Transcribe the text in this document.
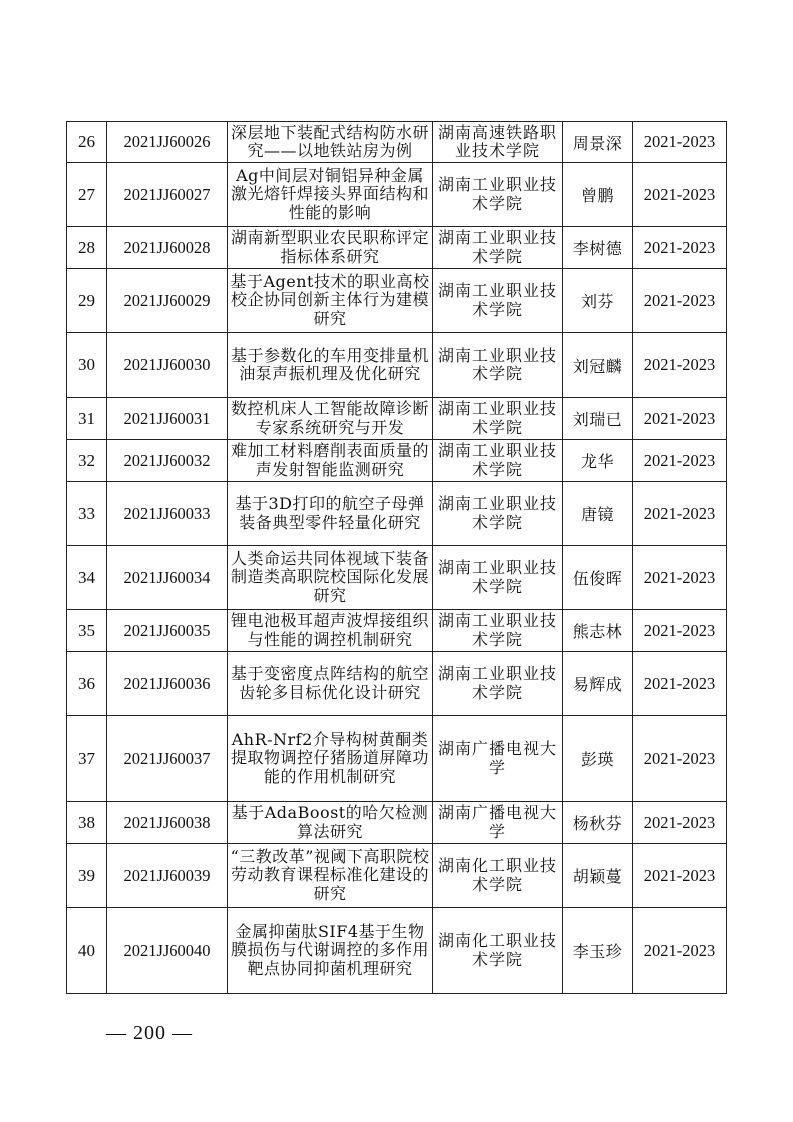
26	2021JJ60026	深层地下装配式结构防水研究——以地铁站房为例	湖南高速铁路职业技术学院	周景深	2021-2023
27	2021JJ60027	Ag中间层对铜铝异种金属激光熔钎焊接头界面结构和性能的影响	湖南工业职业技术学院	曾鹏	2021-2023
28	2021JJ60028	湖南新型职业农民职称评定指标体系研究	湖南工业职业技术学院	李树德	2021-2023
29	2021JJ60029	基于Agent技术的职业高校校企协同创新主体行为建模研究	湖南工业职业技术学院	刘芬	2021-2023
30	2021JJ60030	基于参数化的车用变排量机油泵声振机理及优化研究	湖南工业职业技术学院	刘冠麟	2021-2023
31	2021JJ60031	数控机床人工智能故障诊断专家系统研究与开发	湖南工业职业技术学院	刘瑞已	2021-2023
32	2021JJ60032	难加工材料磨削表面质量的声发射智能监测研究	湖南工业职业技术学院	龙华	2021-2023
33	2021JJ60033	基于3D打印的航空子母弹装备典型零件轻量化研究	湖南工业职业技术学院	唐镜	2021-2023
34	2021JJ60034	人类命运共同体视域下装备制造类高职院校国际化发展研究	湖南工业职业技术学院	伍俊晖	2021-2023
35	2021JJ60035	锂电池极耳超声波焊接组织与性能的调控机制研究	湖南工业职业技术学院	熊志林	2021-2023
36	2021JJ60036	基于变密度点阵结构的航空齿轮多目标优化设计研究	湖南工业职业技术学院	易辉成	2021-2023
37	2021JJ60037	AhR-Nrf2介导构树黄酮类提取物调控仔猪肠道屏障功能的作用机制研究	湖南广播电视大学	彭瑛	2021-2023
38	2021JJ60038	基于AdaBoost的哈欠检测算法研究	湖南广播电视大学	杨秋芬	2021-2023
39	2021JJ60039	“三教改革”视阈下高职院校劳动教育课程标准化建设的研究	湖南化工职业技术学院	胡颖蔓	2021-2023
40	2021JJ60040	金属抑菌肽SIF4基于生物膜损伤与代谢调控的多作用靶点协同抑菌机理研究	湖南化工职业技术学院	李玉珍	2021-2023
— 200 —
